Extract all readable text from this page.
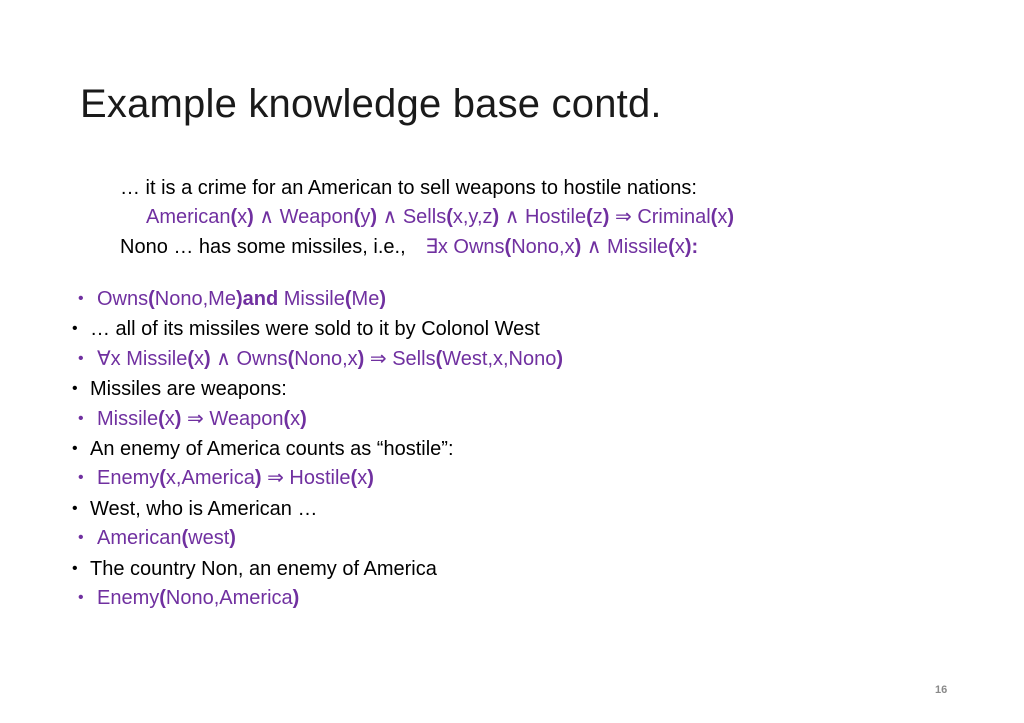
Example knowledge base contd.
… it is a crime for an American to sell weapons to hostile nations:
American(x) ∧ Weapon(y) ∧ Sells(x,y,z) ∧ Hostile(z) ⇒ Criminal(x)
Nono … has some missiles, i.e., ∃x Owns(Nono,x) ∧ Missile(x):
• Owns(Nono,Me)and Missile(Me)
• … all of its missiles were sold to it by Colonol West
• ∀x Missile(x) ∧ Owns(Nono,x) ⇒ Sells(West,x,Nono)
• Missiles are weapons:
• Missile(x) ⇒ Weapon(x)
• An enemy of America counts as “hostile”:
• Enemy(x,America) ⇒ Hostile(x)
• West, who is American …
• American(west)
• The country Non, an enemy of America
• Enemy(Nono,America)
16
